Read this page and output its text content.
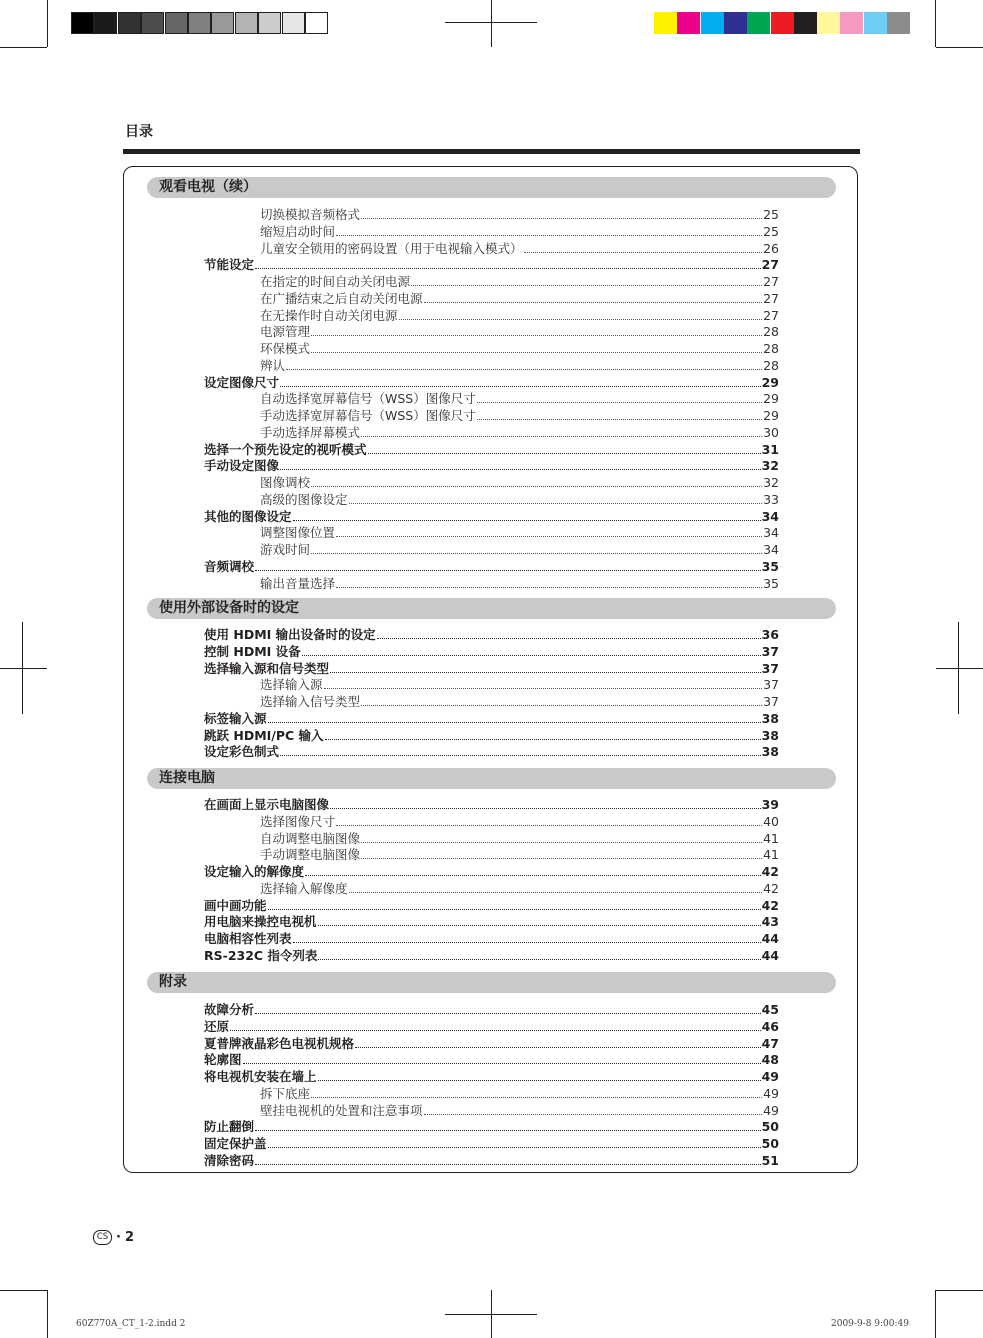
目录
观看电视（续）
切换模拟音频格式	25
缩短启动时间	25
儿童安全锁用的密码设置（用于电视输入模式）	26
节能设定	27
在指定的时间自动关闭电源	27
在广播结束之后自动关闭电源	27
在无操作时自动关闭电源	27
电源管理	28
环保模式	28
辨认	28
设定图像尺寸	29
自动选择宽屏幕信号（WSS）图像尺寸	29
手动选择宽屏幕信号（WSS）图像尺寸	29
手动选择屏幕模式	30
选择一个预先设定的视听模式	31
手动设定图像	32
图像调校	32
高级的图像设定	33
其他的图像设定	34
调整图像位置	34
游戏时间	34
音频调校	35
输出音量选择	35
使用外部设备时的设定
使用 HDMI 输出设备时的设定	36
控制 HDMI 设备	37
选择输入源和信号类型	37
选择输入源	37
选择输入信号类型	37
标签输入源	38
跳跃 HDMI/PC 输入	38
设定彩色制式	38
连接电脑
在画面上显示电脑图像	39
选择图像尺寸	40
自动调整电脑图像	41
手动调整电脑图像	41
设定输入的解像度	42
选择输入解像度	42
画中画功能	42
用电脑来操控电视机	43
电脑相容性列表	44
RS-232C 指令列表	44
附录
故障分析	45
还原	46
夏普牌液晶彩色电视机规格	47
轮廓图	48
将电视机安装在墙上	49
拆下底座	49
壁挂电视机的处置和注意事项	49
防止翻倒	50
固定保护盖	50
清除密码	51
CS · 2
60Z770A_CT_1-2.indd 2	2009-9-8 9:00:49
